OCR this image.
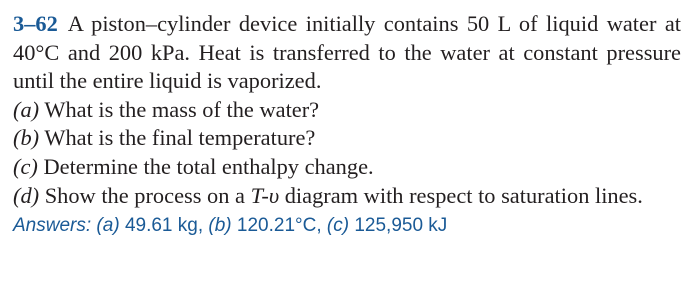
3–62 A piston–cylinder device initially contains 50 L of liquid water at 40°C and 200 kPa. Heat is transferred to the water at constant pressure until the entire liquid is vaporized.

(a) What is the mass of the water?

(b) What is the final temperature?

(c) Determine the total enthalpy change.

(d) Show the process on a T-υ diagram with respect to saturation lines.

Answers: (a) 49.61 kg, (b) 120.21°C, (c) 125,950 kJ
